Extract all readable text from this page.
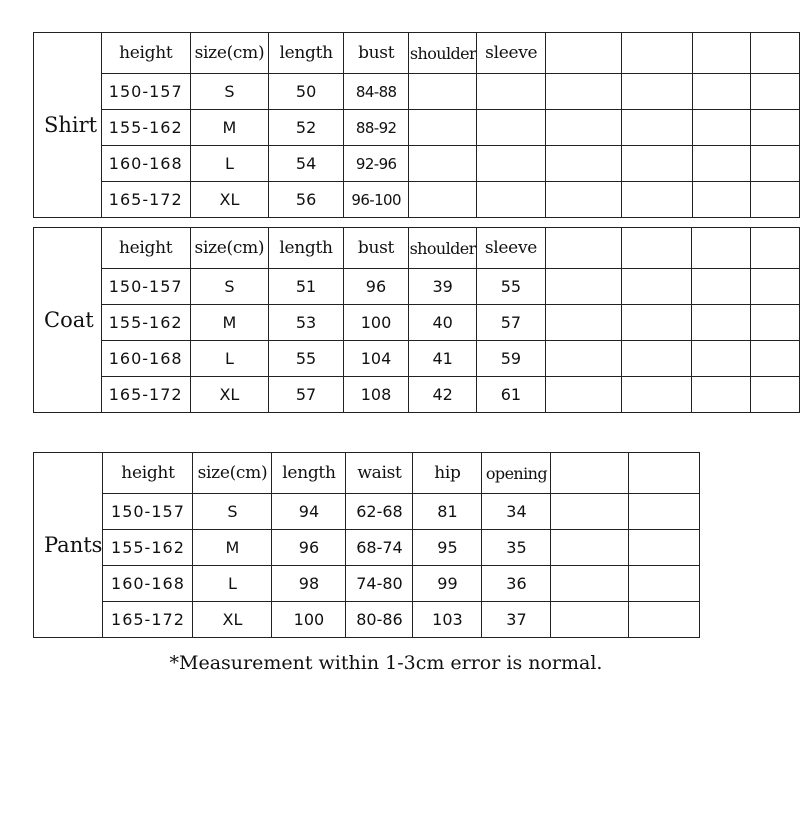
Shirt	height	size(cm)	length	bust	shoulder	sleeve				
	150-157	S	50	84-88						
	155-162	M	52	88-92						
	160-168	L	54	92-96						
	165-172	XL	56	96-100						
Coat	height	size(cm)	length	bust	shoulder	sleeve				
	150-157	S	51	96	39	55				
	155-162	M	53	100	40	57				
	160-168	L	55	104	41	59				
	165-172	XL	57	108	42	61				
Pants	height	size(cm)	length	waist	hip	opening		
	150-157	S	94	62-68	81	34		
	155-162	M	96	68-74	95	35		
	160-168	L	98	74-80	99	36		
	165-172	XL	100	80-86	103	37		
*Measurement within 1-3cm error is normal.
